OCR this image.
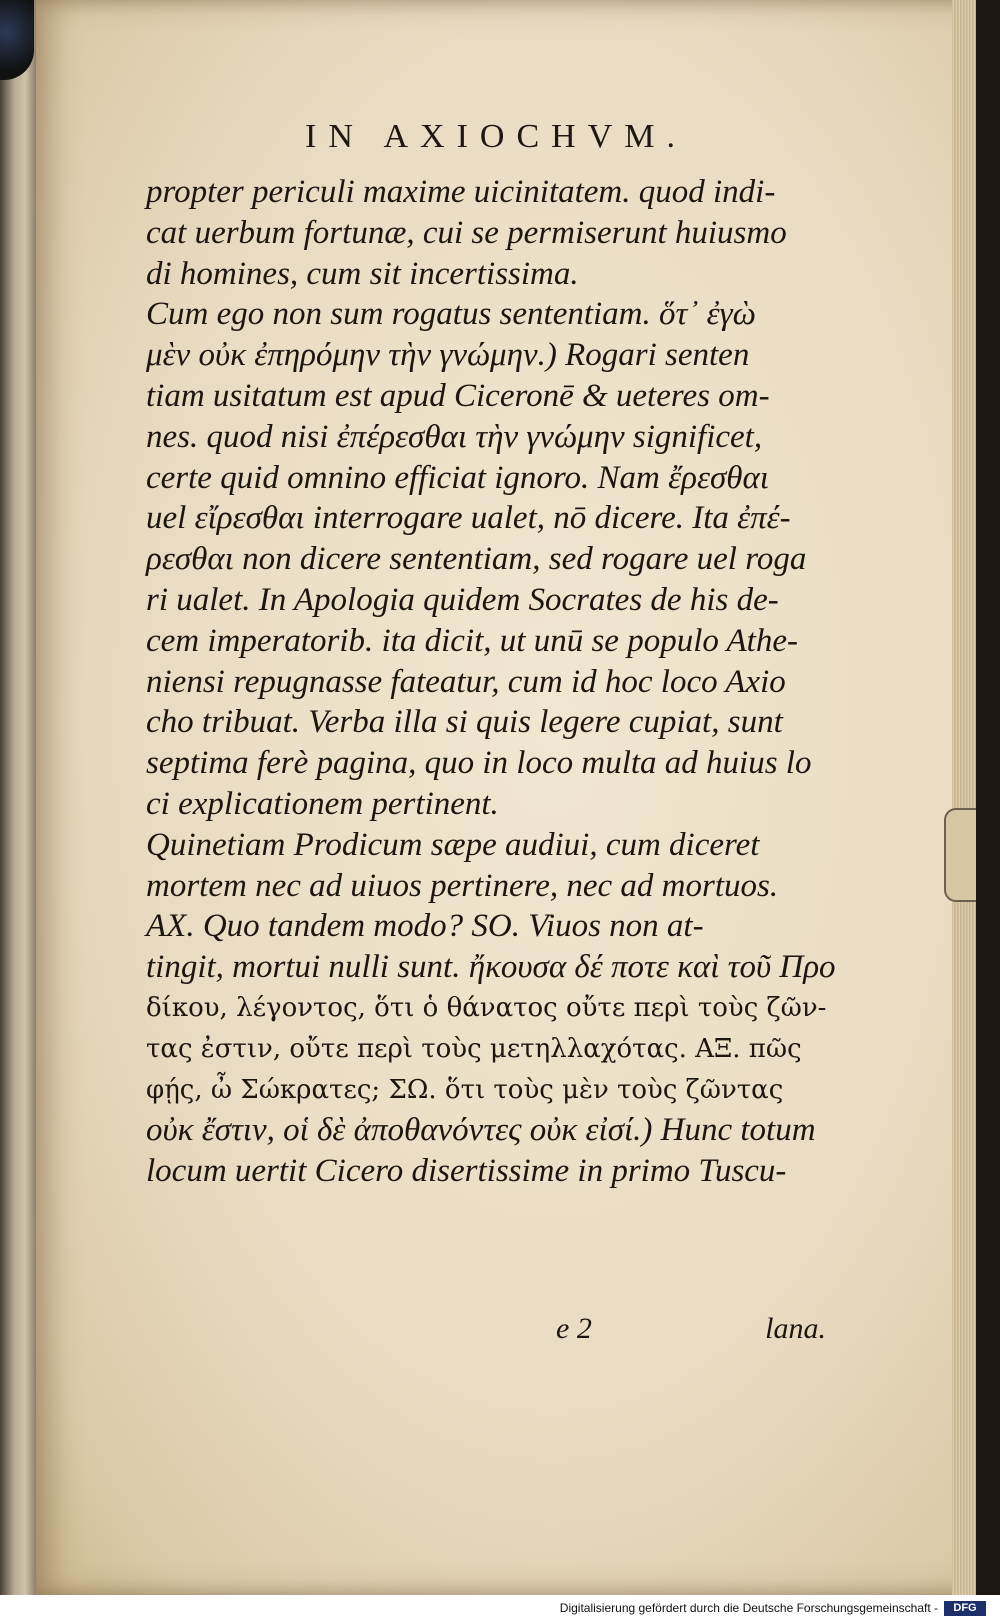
IN AXIOCHVM.
propter periculi maxime uicinitatem. quod indi-
cat uerbum fortunæ, cui se permiserunt huiusmo
di homines, cum sit incertissima.
Cum ego non sum rogatus sententiam. ὅτ᾽ ἐγὼ
μὲν οὐκ ἐπηρόμην τὴν γνώμην.) Rogari senten
tiam usitatum est apud Ciceronē & ueteres om-
nes. quod nisi ἐπέρεσθαι τὴν γνώμην significet,
certe quid omnino efficiat ignoro. Nam ἔρεσθαι
uel εἴρεσθαι interrogare ualet, nō dicere. Ita ἐπέ-
ρεσθαι non dicere sententiam, sed rogare uel roga
ri ualet. In Apologia quidem Socrates de his de-
cem imperatorib. ita dicit, ut unū se populo Athe-
niensi repugnasse fateatur, cum id hoc loco Axio
cho tribuat. Verba illa si quis legere cupiat, sunt
septima ferè pagina, quo in loco multa ad huius lo
ci explicationem pertinent.
Quinetiam Prodicum sæpe audiui, cum diceret
mortem nec ad uiuos pertinere, nec ad mortuos.
AX. Quo tandem modo? SO. Viuos non at-
tingit, mortui nulli sunt. ἤκουσα δέ ποτε καὶ τοῦ Προ
δίκου, λέγοντος, ὅτι ὁ θάνατος οὔτε περὶ τοὺς ζῶν-
τας ἐστιν, οὔτε περὶ τοὺς μετηλλαχότας. ΑΞ. πῶς
φῄς, ὦ Σώκρατες; ΣΩ. ὅτι τοὺς μὲν τοὺς ζῶντας
οὐκ ἔστιν, οἱ δὲ ἀποθανόντες οὐκ εἰσί.) Hunc totum
locum uertit Cicero disertissime in primo Tuscu-
e 2	lana.
Digitalisierung gefördert durch die Deutsche Forschungsgemeinschaft -	DFG
